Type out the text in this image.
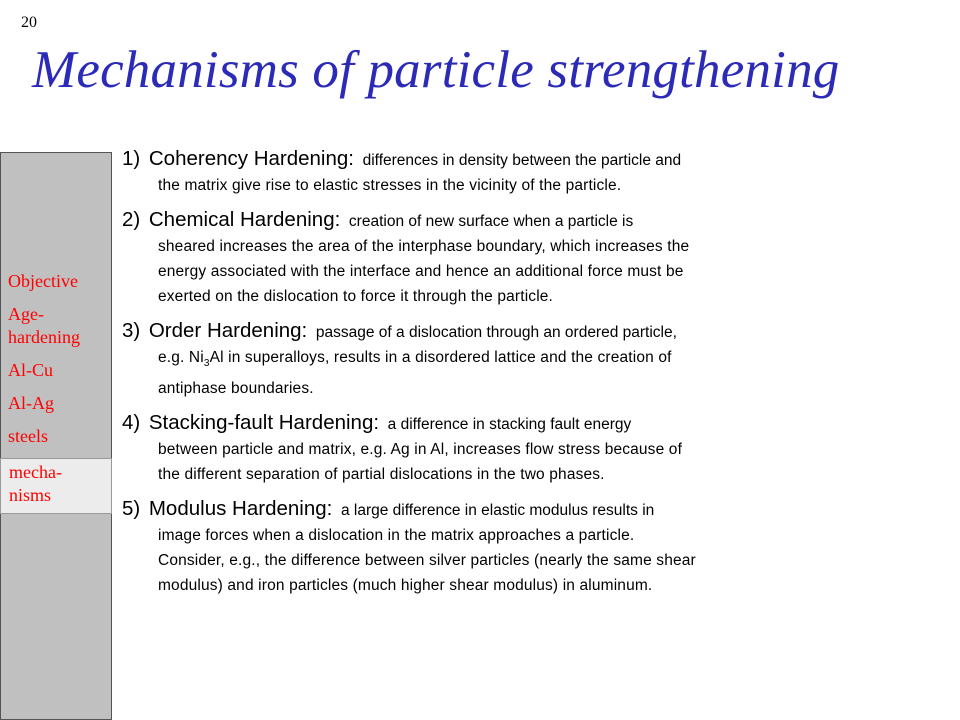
20
Mechanisms of particle strengthening
Objective
Age-
hardening
Al-Cu
Al-Ag
steels
mecha-
nisms
1) Coherency Hardening: differences in density between the particle and
the matrix give rise to elastic stresses in the vicinity of the particle.
2) Chemical Hardening: creation of new surface when a particle is
sheared increases the area of the interphase boundary, which increases the
energy associated with the interface and hence an additional force must be
exerted on the dislocation to force it through the particle.
3) Order Hardening: passage of a dislocation through an ordered particle,
e.g. $Ni_3Al$ in superalloys, results in a disordered lattice and the creation of
antiphase boundaries.
4) Stacking-fault Hardening: a difference in stacking fault energy
between particle and matrix, e.g. Ag in Al, increases flow stress because of
the different separation of partial dislocations in the two phases.
5) Modulus Hardening: a large difference in elastic modulus results in
image forces when a dislocation in the matrix approaches a particle.
Consider, e.g., the difference between silver particles (nearly the same shear
modulus) and iron particles (much higher shear modulus) in aluminum.
